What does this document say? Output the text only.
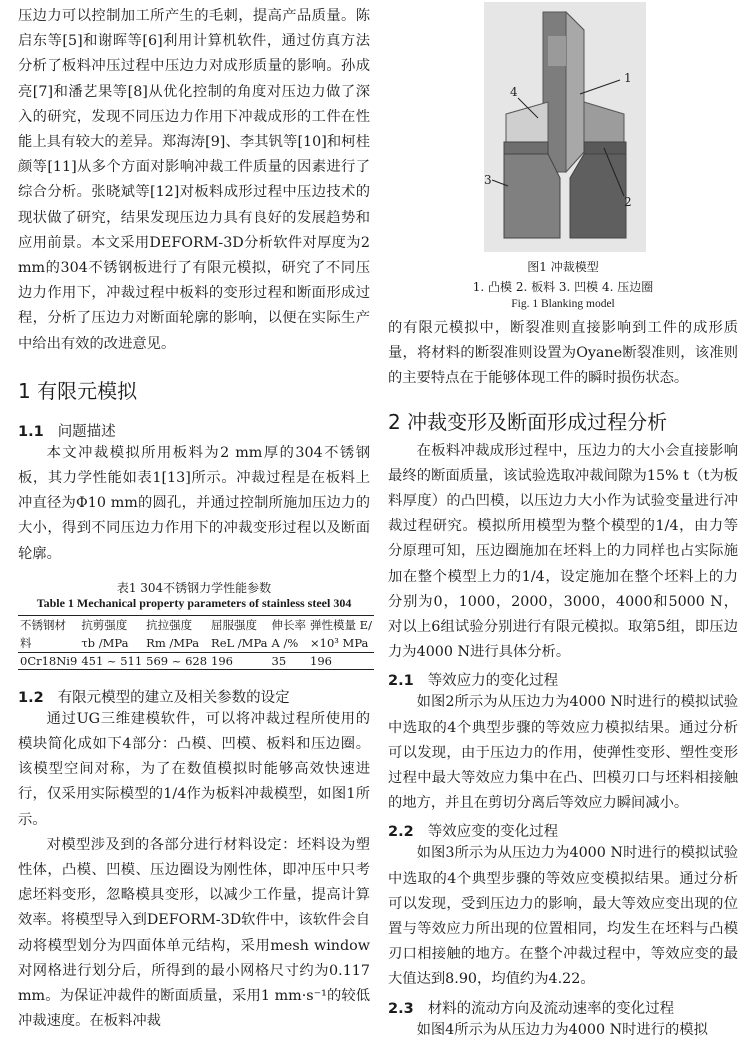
压边力可以控制加工所产生的毛刺，提高产品质量。陈启东等[5]和谢晖等[6]利用计算机软件，通过仿真方法分析了板料冲压过程中压边力对成形质量的影响。孙成亮[7]和潘艺果等[8]从优化控制的角度对压边力做了深入的研究，发现不同压边力作用下冲裁成形的工件在性能上具有较大的差异。郑海涛[9]、李其钒等[10]和柯桂颜等[11]从多个方面对影响冲裁工件质量的因素进行了综合分析。张晓斌等[12]对板料成形过程中压边技术的现状做了研究，结果发现压边力具有良好的发展趋势和应用前景。本文采用DEFORM-3D分析软件对厚度为2 mm的304不锈钢板进行了有限元模拟，研究了不同压边力作用下，冲裁过程中板料的变形过程和断面形成过程，分析了压边力对断面轮廓的影响，以便在实际生产中给出有效的改进意见。

1 有限元模拟
1.1 问题描述

本文冲裁模拟所用板料为2 mm厚的304不锈钢板，其力学性能如表1[13]所示。冲裁过程是在板料上冲直径为Φ10 mm的圆孔，并通过控制所施加压边力的大小，得到不同压边力作用下的冲裁变形过程以及断面轮廓。

表1 304不锈钢力学性能参数

Table 1 Mechanical property parameters of stainless steel 304

不锈钢材	抗剪强度	抗拉强度	屈服强度	伸长率	弹性模量 E/
料	τb /MPa	Rm /MPa	ReL /MPa	A /%	×10³ MPa
0Cr18Ni9	451 ~ 511	569 ~ 628	196	35	196
1.2 有限元模型的建立及相关参数的设定

通过UG三维建模软件，可以将冲裁过程所使用的模块简化成如下4部分：凸模、凹模、板料和压边圈。该模型空间对称，为了在数值模拟时能够高效快速进行，仅采用实际模型的1/4作为板料冲裁模型，如图1所示。

对模型涉及到的各部分进行材料设定：坯料设为塑性体，凸模、凹模、压边圈设为刚性体，即冲压中只考虑坯料变形，忽略模具变形，以减少工作量，提高计算效率。将模型导入到DEFORM-3D软件中，该软件会自动将模型划分为四面体单元结构，采用mesh window对网格进行划分后，所得到的最小网格尺寸约为0.117 mm。为保证冲裁件的断面质量，采用1 mm·s⁻¹的较低冲裁速度。在板料冲裁

4
1
3
2

图1 冲裁模型

1. 凸模 2. 板料 3. 凹模 4. 压边圈

Fig. 1 Blanking model

的有限元模拟中，断裂准则直接影响到工件的成形质量，将材料的断裂准则设置为Oyane断裂准则，该准则的主要特点在于能够体现工件的瞬时损伤状态。

2 冲裁变形及断面形成过程分析

在板料冲裁成形过程中，压边力的大小会直接影响最终的断面质量，该试验选取冲裁间隙为15% t（t为板料厚度）的凸凹模，以压边力大小作为试验变量进行冲裁过程研究。模拟所用模型为整个模型的1/4，由力等分原理可知，压边圈施加在坯料上的力同样也占实际施加在整个模型上力的1/4，设定施加在整个坯料上的力分别为0，1000，2000，3000，4000和5000 N，对以上6组试验分别进行有限元模拟。取第5组，即压边力为4000 N进行具体分析。

2.1 等效应力的变化过程

如图2所示为从压边力为4000 N时进行的模拟试验中选取的4个典型步骤的等效应力模拟结果。通过分析可以发现，由于压边力的作用，使弹性变形、塑性变形过程中最大等效应力集中在凸、凹模刃口与坯料相接触的地方，并且在剪切分离后等效应力瞬间减小。

2.2 等效应变的变化过程

如图3所示为从压边力为4000 N时进行的模拟试验中选取的4个典型步骤的等效应变模拟结果。通过分析可以发现，受到压边力的影响，最大等效应变出现的位置与等效应力所出现的位置相同，均发生在坯料与凸模刃口相接触的地方。在整个冲裁过程中，等效应变的最大值达到8.90，均值约为4.22。

2.3 材料的流动方向及流动速率的变化过程

如图4所示为从压边力为4000 N时进行的模拟
